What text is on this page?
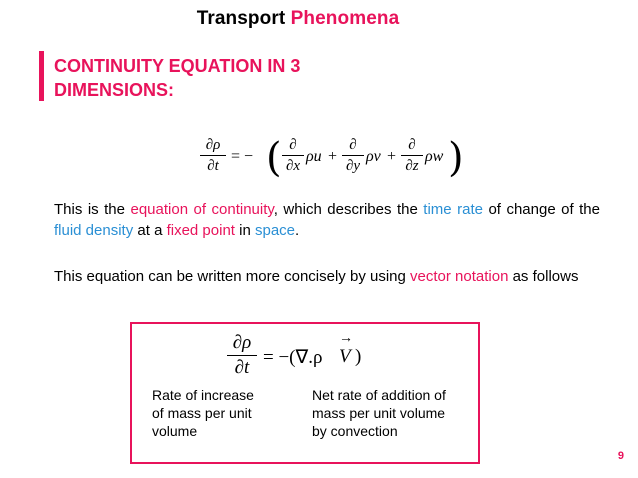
Transport Phenomena
CONTINUITY EQUATION IN 3
DIMENSIONS:
∂ρ
∂t
= − ( ∂
∂x
ρu +
∂
∂y
ρv +
∂
∂z
ρw )
This is the equation of continuity, which describes the time rate of change of the fluid density at a fixed point in space.
This equation can be written more concisely by using vector notation as follows
∂ρ
∂t = −(∇.ρ
→
V )
Rate of increase
of mass per unit
volume
Net rate of addition of
mass per unit volume
by convection
9
